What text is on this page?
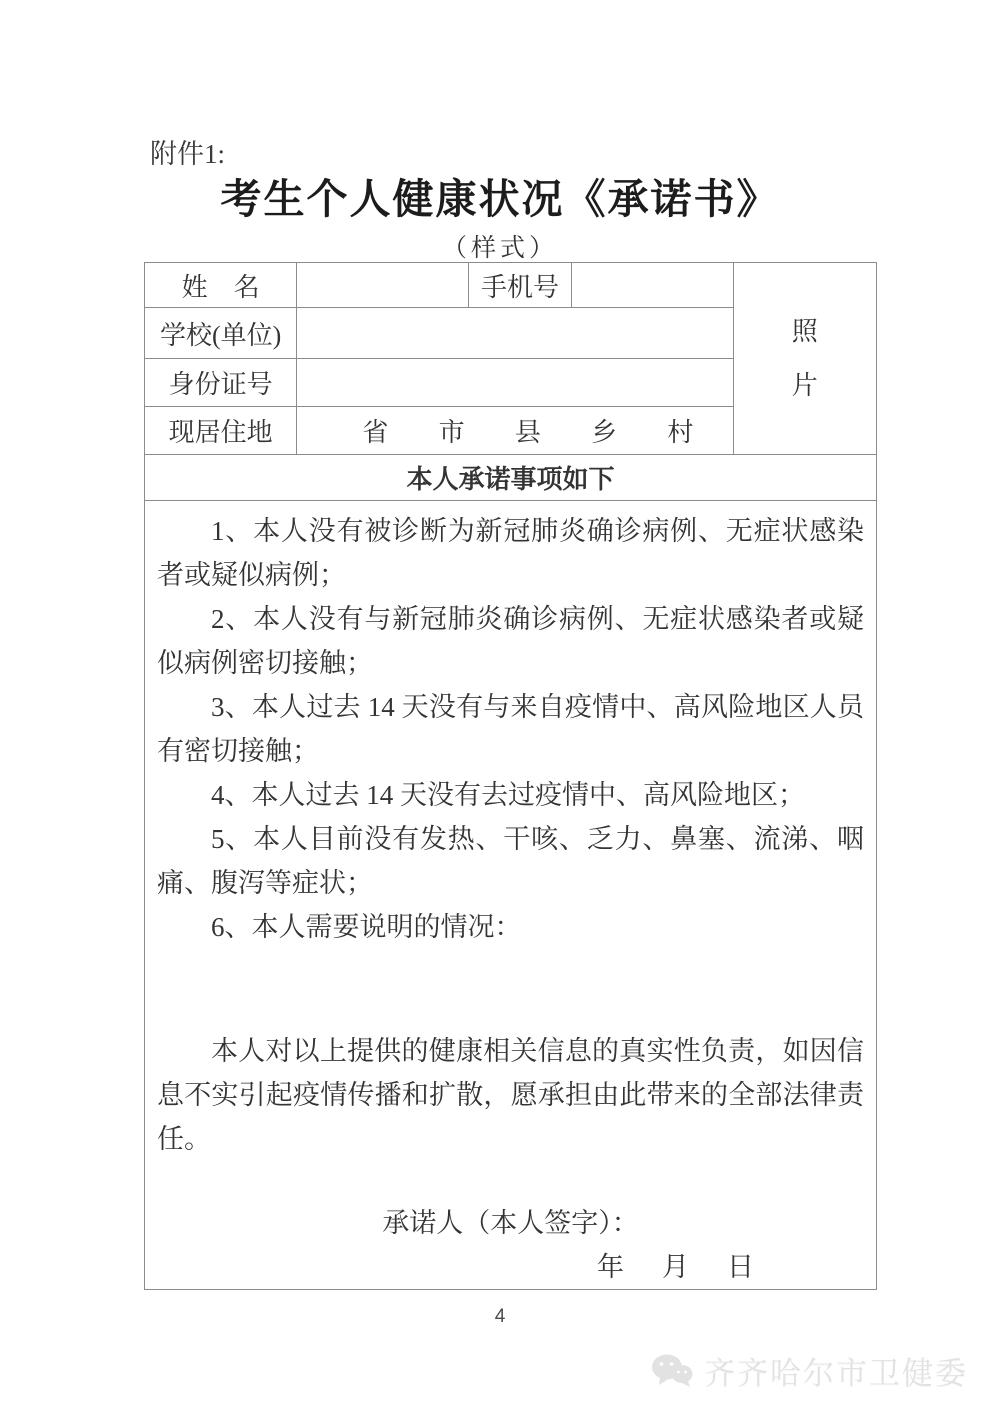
附件1:
考生个人健康状况《承诺书》
（样式）
姓　名		手机号		照片
学校(单位)				
身份证号				
现居住地	省 市 县 乡 村			

本人承诺事项如下				

1、本人没有被诊断为新冠肺炎确诊病例、无症状感染者或疑似病例；

2、本人没有与新冠肺炎确诊病例、无症状感染者或疑似病例密切接触；

3、本人过去 14 天没有与来自疫情中、高风险地区人员有密切接触；

4、本人过去 14 天没有去过疫情中、高风险地区；

5、本人目前没有发热、干咳、乏力、鼻塞、流涕、咽痛、腹泻等症状；

6、本人需要说明的情况：

本人对以上提供的健康相关信息的真实性负责，如因信息不实引起疫情传播和扩散，愿承担由此带来的全部法律责任。

承诺人（本人签字）：

年 月 日
4
齐齐哈尔市卫健委
